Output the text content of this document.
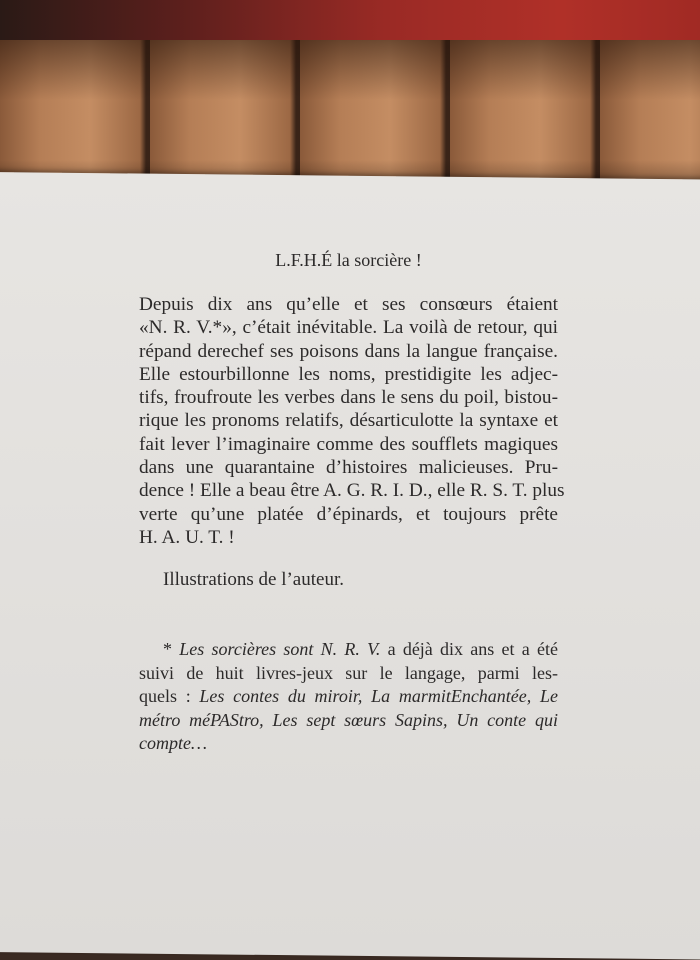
L.F.H.É la sorcière !
Depuis dix ans qu’elle et ses consœurs étaient
«N. R. V.*», c’était inévitable. La voilà de retour, qui
répand derechef ses poisons dans la langue française.
Elle estourbillonne les noms, prestidigite les adjec-
tifs, froufroute les verbes dans le sens du poil, bistou-
rique les pronoms relatifs, désarticulotte la syntaxe et
fait lever l’imaginaire comme des soufflets magiques
dans une quarantaine d’histoires malicieuses. Pru-
dence ! Elle a beau être A. G. R. I. D., elle R. S. T. plus
verte qu’une platée d’épinards, et toujours prête
H. A. U. T. !
Illustrations de l’auteur.
* Les sorcières sont N. R. V. a déjà dix ans et a été
suivi de huit livres-jeux sur le langage, parmi les-
quels : Les contes du miroir, La marmitEnchantée, Le
métro méPAStro, Les sept sœurs Sapins, Un conte qui
compte…
